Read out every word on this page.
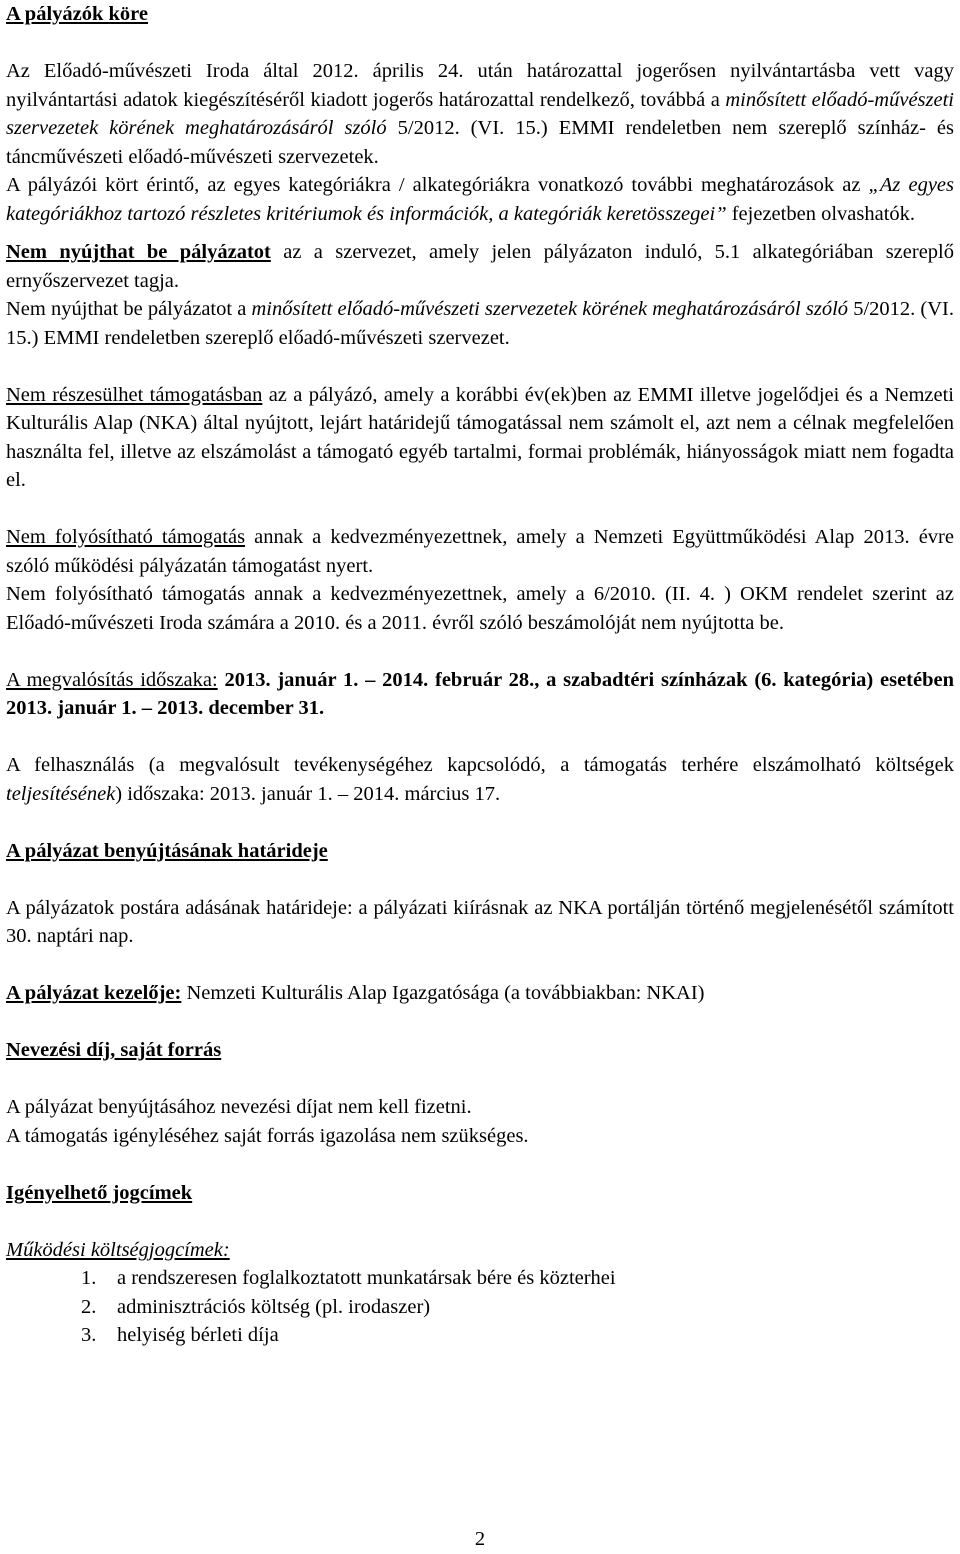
A pályázók köre

Az Előadó-művészeti Iroda által 2012. április 24. után határozattal jogerősen nyilvántartásba vett vagy nyilvántartási adatok kiegészítéséről kiadott jogerős határozattal rendelkező, továbbá a minősített előadó-művészeti szervezetek körének meghatározásáról szóló 5/2012. (VI. 15.) EMMI rendeletben nem szereplő színház- és táncművészeti előadó-művészeti szervezetek.

A pályázói kört érintő, az egyes kategóriákra / alkategóriákra vonatkozó további meghatározások az „Az egyes kategóriákhoz tartozó részletes kritériumok és információk, a kategóriák keretösszegei” fejezetben olvashatók.

Nem nyújthat be pályázatot az a szervezet, amely jelen pályázaton induló, 5.1 alkategóriában szereplő ernyőszervezet tagja.

Nem nyújthat be pályázatot a minősített előadó-művészeti szervezetek körének meghatározásáról szóló 5/2012. (VI. 15.) EMMI rendeletben szereplő előadó-művészeti szervezet.

Nem részesülhet támogatásban az a pályázó, amely a korábbi év(ek)ben az EMMI illetve jogelődjei és a Nemzeti Kulturális Alap (NKA) által nyújtott, lejárt határidejű támogatással nem számolt el, azt nem a célnak megfelelően használta fel, illetve az elszámolást a támogató egyéb tartalmi, formai problémák, hiányosságok miatt nem fogadta el.

Nem folyósítható támogatás annak a kedvezményezettnek, amely a Nemzeti Együttműködési Alap 2013. évre szóló működési pályázatán támogatást nyert.

Nem folyósítható támogatás annak a kedvezményezettnek, amely a 6/2010. (II. 4. ) OKM rendelet szerint az Előadó-művészeti Iroda számára a 2010. és a 2011. évről szóló beszámolóját nem nyújtotta be.

A megvalósítás időszaka: 2013. január 1. – 2014. február 28., a szabadtéri színházak (6. kategória) esetében 2013. január 1. – 2013. december 31.

A felhasználás (a megvalósult tevékenységéhez kapcsolódó, a támogatás terhére elszámolható költségek teljesítésének) időszaka: 2013. január 1. – 2014. március 17.

A pályázat benyújtásának határideje

A pályázatok postára adásának határideje: a pályázati kiírásnak az NKA portálján történő megjelenésétől számított 30. naptári nap.

A pályázat kezelője: Nemzeti Kulturális Alap Igazgatósága (a továbbiakban: NKAI)

Nevezési díj, saját forrás

A pályázat benyújtásához nevezési díjat nem kell fizetni.

A támogatás igényléséhez saját forrás igazolása nem szükséges.

Igényelhető jogcímek

Működési költségjogcímek:

1. a rendszeresen foglalkoztatott munkatársak bére és közterhei
2. adminisztrációs költség (pl. irodaszer)
3. helyiség bérleti díja
2
